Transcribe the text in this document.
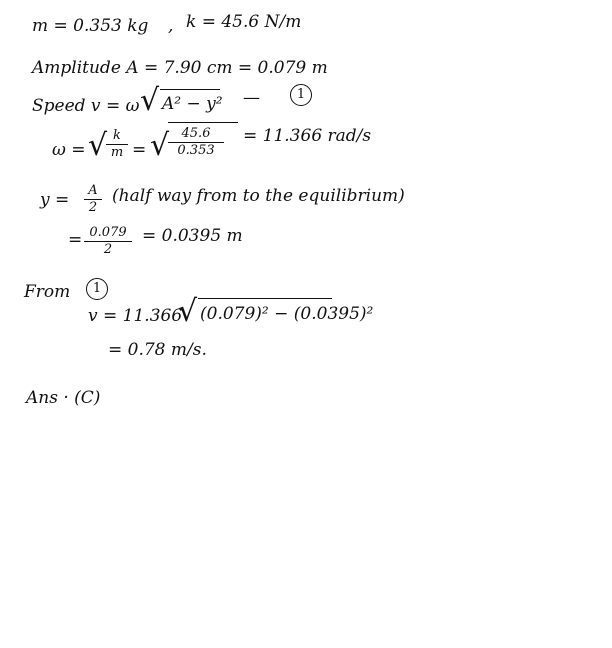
m = 0.353 kg , k = 45.6 N/m
Amplitude A = 7.90 cm = 0.079 m
Speed v = ω √ A² − y² —	1
ω = √ k
m = √ 45.6
0.353
= 11.366 rad/s
y =	A
2
(half way from to the equilibrium)
= 0.079
2
= 0.0395 m
From	1
v = 11.366
√ (0.079)² − (0.0395)²
= 0.78 m/s.
Ans · (C)
